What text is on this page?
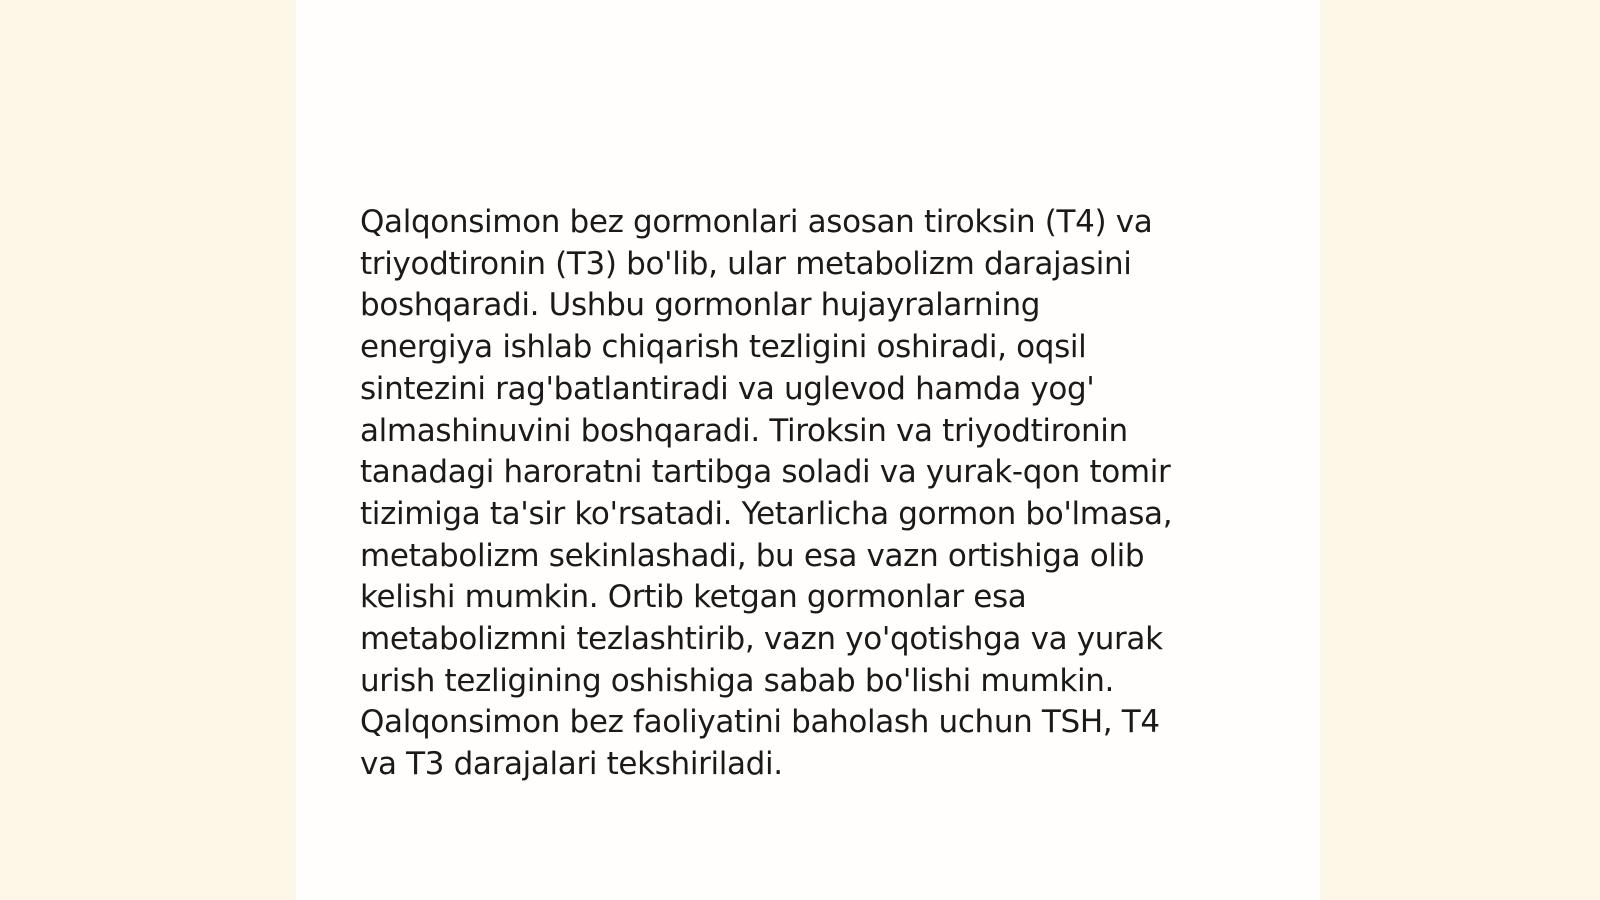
Qalqonsimon bez gormonlari asosan tiroksin (T4) va
triyodtironin (T3) bo'lib, ular metabolizm darajasini
boshqaradi. Ushbu gormonlar hujayralarning
energiya ishlab chiqarish tezligini oshiradi, oqsil
sintezini rag'batlantiradi va uglevod hamda yog'
almashinuvini boshqaradi. Tiroksin va triyodtironin
tanadagi haroratni tartibga soladi va yurak-qon tomir
tizimiga ta'sir ko'rsatadi. Yetarlicha gormon bo'lmasa,
metabolizm sekinlashadi, bu esa vazn ortishiga olib
kelishi mumkin. Ortib ketgan gormonlar esa
metabolizmni tezlashtirib, vazn yo'qotishga va yurak
urish tezligining oshishiga sabab bo'lishi mumkin.
Qalqonsimon bez faoliyatini baholash uchun TSH, T4
va T3 darajalari tekshiriladi.
